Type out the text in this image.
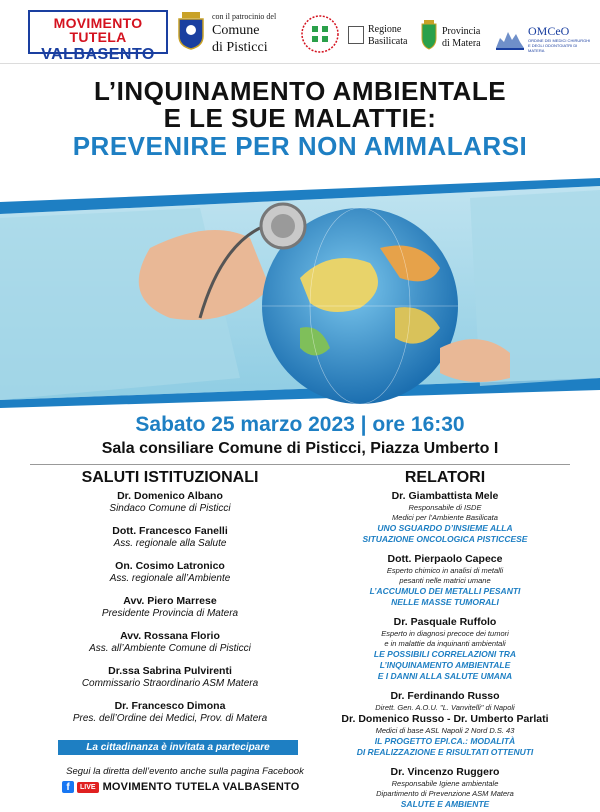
MOVIMENTO TUTELA
VALBASENTO
con il patrocinio del
Comune
di Pisticci
Regione
Basilicata
Provincia
di Matera
OMCeO
ORDINE DEI MEDICI CHIRURGHI E DEGLI ODONTOIATRI DI MATERA
L’INQUINAMENTO AMBIENTALE
E LE SUE MALATTIE:
PREVENIRE PER NON AMMALARSI
Sabato 25 marzo 2023 | ore 16:30
Sala consiliare Comune di Pisticci, Piazza Umberto I
SALUTI ISTITUZIONALI
Dr. Domenico Albano
Sindaco Comune di Pisticci
Dott. Francesco Fanelli
Ass. regionale alla Salute
On. Cosimo Latronico
Ass. regionale all’Ambiente
Avv. Piero Marrese
Presidente Provincia di Matera
Avv. Rossana Florio
Ass. all’Ambiente Comune di Pisticci
Dr.ssa Sabrina Pulvirenti
Commissario Straordinario ASM Matera
Dr. Francesco Dimona
Pres. dell’Ordine dei Medici, Prov. di Matera
RELATORI
Dr. Giambattista Mele
Responsabile di ISDE
Medici per l’Ambiente Basilicata
UNO SGUARDO D’INSIEME ALLA
SITUAZIONE ONCOLOGICA PISTICCESE
Dott. Pierpaolo Capece
Esperto chimico in analisi di metalli
pesanti nelle matrici umane
L’ACCUMULO DEI METALLI PESANTI
NELLE MASSE TUMORALI
Dr. Pasquale Ruffolo
Esperto in diagnosi precoce dei tumori
e in malattie da inquinanti ambientali
LE POSSIBILI CORRELAZIONI TRA
L’INQUINAMENTO AMBIENTALE
E I DANNI ALLA SALUTE UMANA
Dr. Ferdinando Russo
Dirett. Gen. A.O.U. "L. Vanvitelli" di Napoli
Dr. Domenico Russo - Dr. Umberto Parlati
Medici di base ASL Napoli 2 Nord D.S. 43
IL PROGETTO EPI.CA.: MODALITÀ
DI REALIZZAZIONE E RISULTATI OTTENUTI
Dr. Vincenzo Ruggero
Responsabile Igiene ambientale
Dipartimento di Prevenzione ASM Matera
SALUTE E AMBIENTE
La cittadinanza è invitata a partecipare
Segui la diretta dell’evento anche sulla pagina Facebook
f	LIVE MOVIMENTO TUTELA VALBASENTO
